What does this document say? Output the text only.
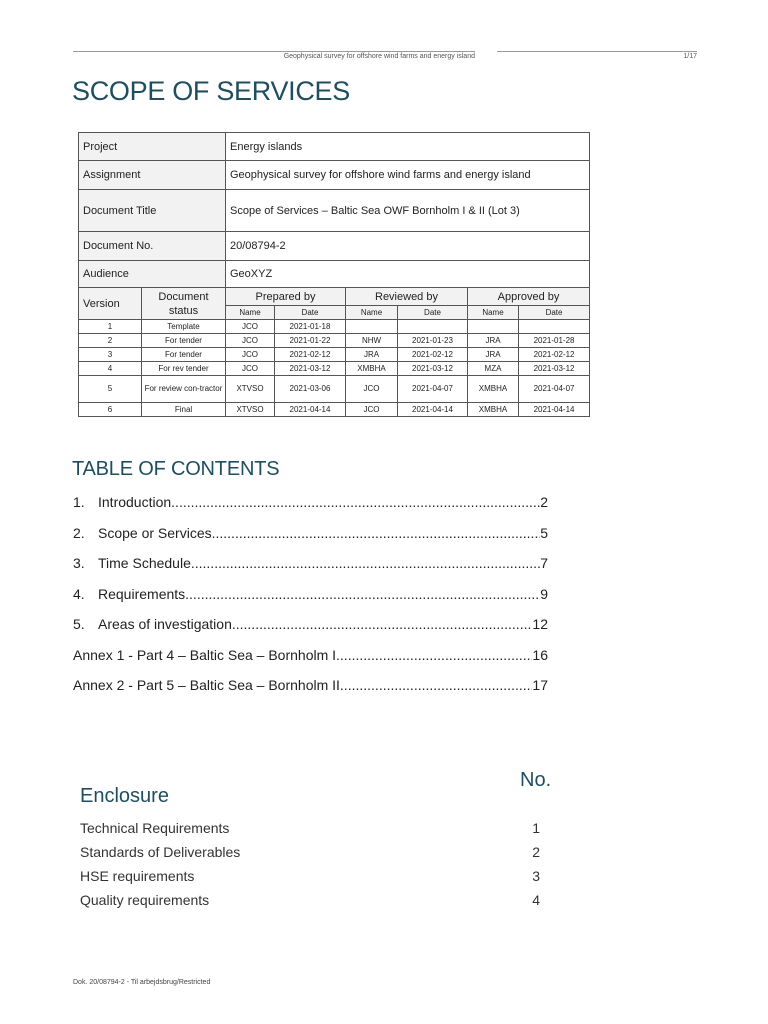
Geophysical survey for offshore wind farms and energy island	1/17
SCOPE OF SERVICES
Project		Energy islands					
Assignment		Geophysical survey for offshore wind farms and energy island					
Document Title		Scope of Services – Baltic Sea OWF Bornholm I & II (Lot 3)					
Document No.		20/08794-2					
Audience		GeoXYZ					
Version	Document status	Prepared by		Reviewed by		Approved by	
		Name	Date	Name	Date	Name	Date
1	Template	JCO	2021-01-18				
2	For tender	JCO	2021-01-22	NHW	2021-01-23	JRA	2021-01-28
3	For tender	JCO	2021-02-12	JRA	2021-02-12	JRA	2021-02-12
4	For rev tender	JCO	2021-03-12	XMBHA	2021-03-12	MZA	2021-03-12
5	For review con-tractor	XTVSO	2021-03-06	JCO	2021-04-07	XMBHA	2021-04-07
6	Final	XTVSO	2021-04-14	JCO	2021-04-14	XMBHA	2021-04-14
TABLE OF CONTENTS
1. Introduction .....	2
2. Scope or Services .....	5
3. Time Schedule .....	7
4. Requirements .....	9
5. Areas of investigation .....	12
Annex 1 - Part 4 – Baltic Sea – Bornholm I .....	16
Annex 2 - Part 5 – Baltic Sea – Bornholm II .....	17
No.
Enclosure
Technical Requirements	1
Standards of Deliverables	2
HSE requirements	3
Quality requirements	4
Dok. 20/08794-2 - Til arbejdsbrug/Restricted
